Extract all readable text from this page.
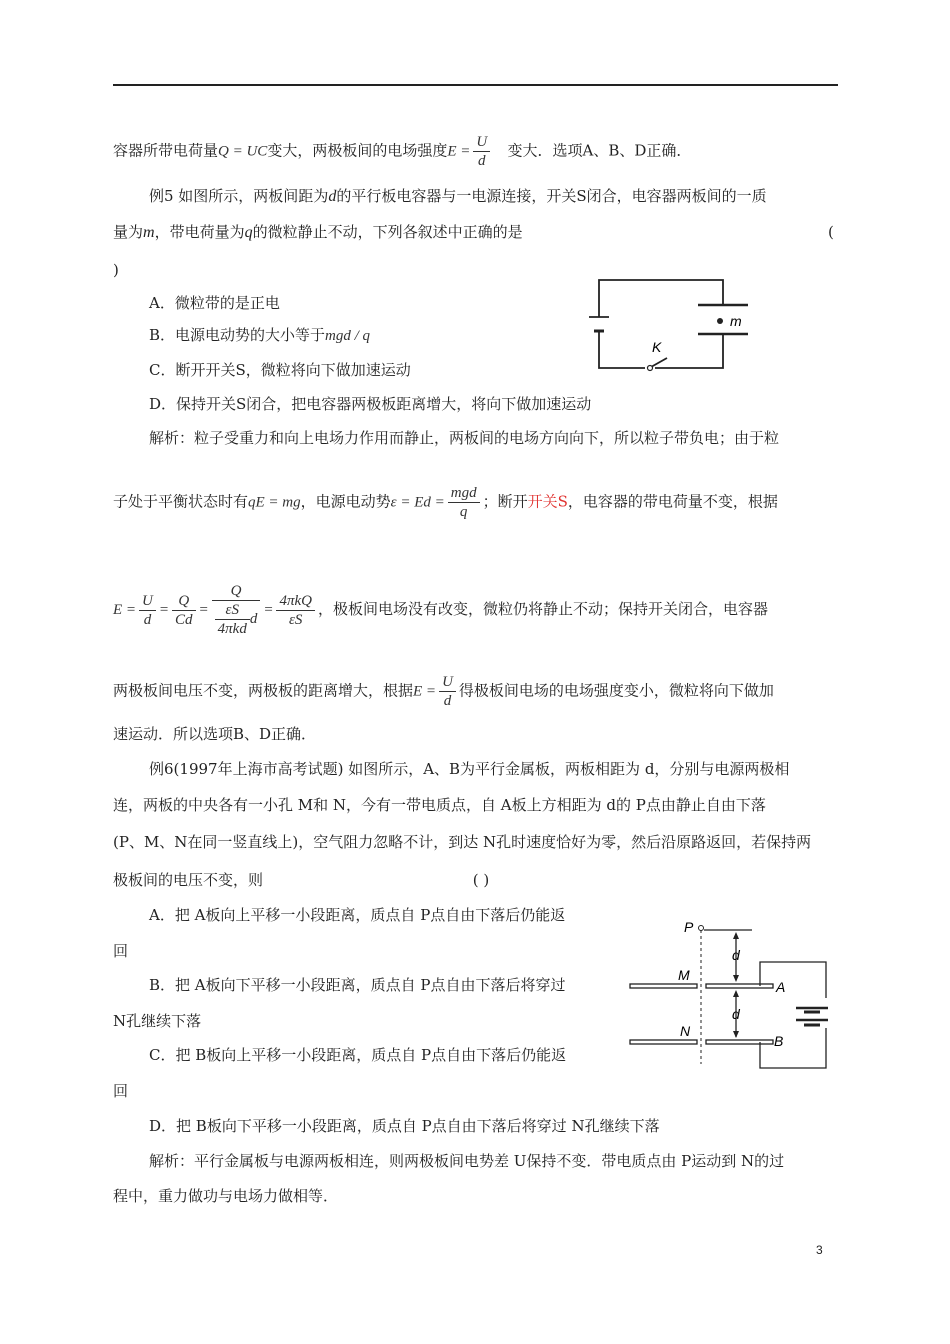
容器所带电荷量Q = UC变大，两极板间的电场强度$E = \frac{U}{d}$ 变大．选项A、B、D正确．
例5 如图所示，两板间距为d的平行板电容器与一电源连接，开关S闭合，电容器两板间的一质
量为m，带电荷量为q的微粒静止不动，下列各叙述中正确的是	(
)
A．微粒带的是正电
B．电源电动势的大小等于mgd / q
C．断开开关S，微粒将向下做加速运动
D．保持开关S闭合，把电容器两极板距离增大，将向下做加速运动
m
K
解析：粒子受重力和向上电场力作用而静止，两板间的电场方向向下，所以粒子带负电；由于粒
子处于平衡状态时有qE = mg，电源电动势$\varepsilon = Ed = \frac{\text{mgd}}{q}$ ；断开开关S，电容器的带电荷量不变，根据
$E = \frac{U}{d} = \frac{Q}{Cd} = \frac{Q}{\frac{\varepsilon S}{\text{4πkd}} d} = \frac{\text{4πkQ}}{\varepsilon S}$ ，极板间电场没有改变，微粒仍将静止不动；保持开关闭合，电容器
两极板间电压不变，两极板的距离增大，根据$E = \frac{U}{d}$ 得极板间电场的电场强度变小，微粒将向下做加
速运动．所以选项B、D正确．
例6(1997年上海市高考试题) 如图所示，A、B为平行金属板，两板相距为 d，分别与电源两极相
连，两板的中央各有一小孔 M和 N，今有一带电质点，自 A板上方相距为 d的 P点由静止自由下落
(P、M、N在同一竖直线上)，空气阻力忽略不计，到达 N孔时速度恰好为零，然后沿原路返回，若保持两
极板间的电压不变，则	( )
A．把 A板向上平移一小段距离，质点自 P点自由下落后仍能返
回
B．把 A板向下平移一小段距离，质点自 P点自由下落后将穿过
N孔继续下落
C．把 B板向上平移一小段距离，质点自 P点自由下落后仍能返
回
D．把 B板向下平移一小段距离，质点自 P点自由下落后将穿过 N孔继续下落
P
M
N
d
d
A
B
解析：平行金属板与电源两板相连，则两极板间电势差 U保持不变．带电质点由 P运动到 N的过
程中，重力做功与电场力做相等．
3
